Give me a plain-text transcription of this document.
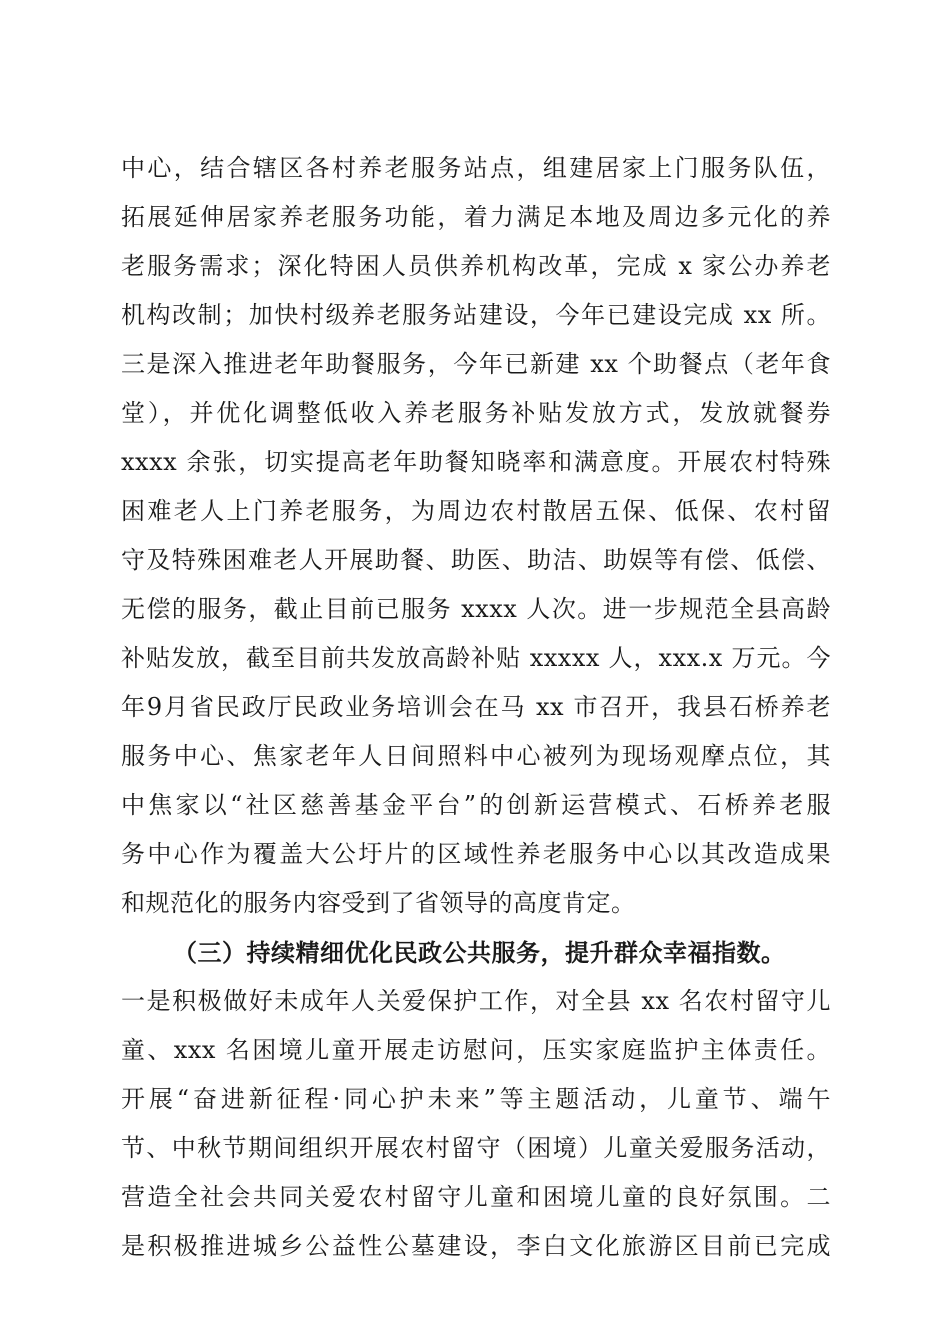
中心，结合辖区各村养老服务站点，组建居家上门服务队伍，
拓展延伸居家养老服务功能，着力满足本地及周边多元化的养
老服务需求；深化特困人员供养机构改革，完成 x 家公办养老
机构改制；加快村级养老服务站建设，今年已建设完成 xx 所。
三是深入推进老年助餐服务，今年已新建 xx 个助餐点（老年食
堂），并优化调整低收入养老服务补贴发放方式，发放就餐券
xxxx 余张，切实提高老年助餐知晓率和满意度。开展农村特殊
困难老人上门养老服务，为周边农村散居五保、低保、农村留
守及特殊困难老人开展助餐、助医、助洁、助娱等有偿、低偿、
无偿的服务，截止目前已服务 xxxx 人次。进一步规范全县高龄
补贴发放，截至目前共发放高龄补贴 xxxxx 人，xxx.x 万元。今
年9月省民政厅民政业务培训会在马 xx 市召开，我县石桥养老
服务中心、焦家老年人日间照料中心被列为现场观摩点位，其
中焦家以“社区慈善基金平台”的创新运营模式、石桥养老服
务中心作为覆盖大公圩片的区域性养老服务中心以其改造成果
和规范化的服务内容受到了省领导的高度肯定。
（三）持续精细优化民政公共服务，提升群众幸福指数。
一是积极做好未成年人关爱保护工作，对全县 xx 名农村留守儿
童、xxx 名困境儿童开展走访慰问，压实家庭监护主体责任。
开展“奋进新征程·同心护未来”等主题活动，儿童节、端午
节、中秋节期间组织开展农村留守（困境）儿童关爱服务活动，
营造全社会共同关爱农村留守儿童和困境儿童的良好氛围。二
是积极推进城乡公益性公墓建设，李白文化旅游区目前已完成
